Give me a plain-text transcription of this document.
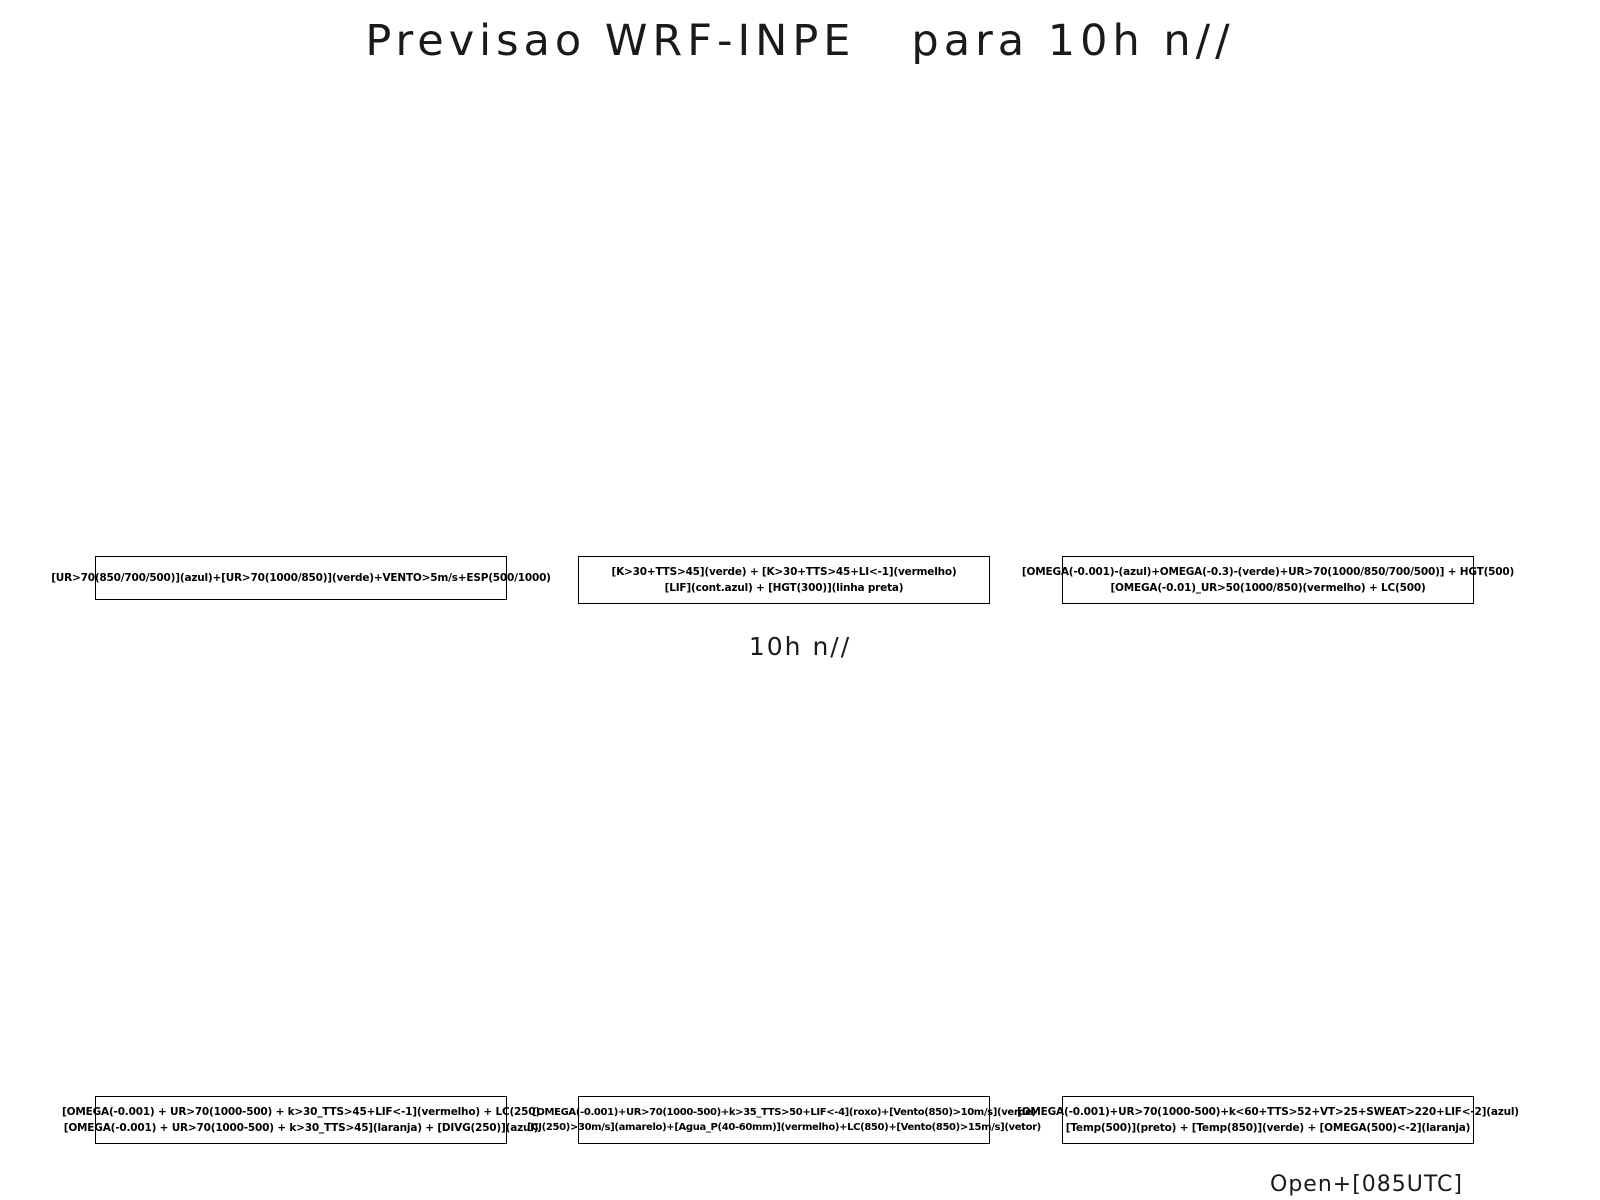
Previsao WRF-INPE   para 10h n//
[UR>70(850/700/500)](azul)+[UR>70(1000/850)](verde)+VENTO>5m/s+ESP(500/1000)
[K>30+TTS>45](verde) + [K>30+TTS>45+LI<-1](vermelho)
[LIF](cont.azul) + [HGT(300)](linha preta)
[OMEGA(-0.001)-(azul)+OMEGA(-0.3)-(verde)+UR>70(1000/850/700/500)] + HGT(500)
[OMEGA(-0.01)_UR>50(1000/850)(vermelho) + LC(500)
10h n//
[OMEGA(-0.001) + UR>70(1000-500) + k>30_TTS>45+LIF<-1](vermelho) + LC(250)
[OMEGA(-0.001) + UR>70(1000-500) + k>30_TTS>45](laranja) + [DIVG(250)](azul)
[OMEGA(-0.001)+UR>70(1000-500)+k>35_TTS>50+LIF<-4](roxo)+[Vento(850)>10m/s](verde)
[CJ(250)>30m/s](amarelo)+[Agua_P(40-60mm)](vermelho)+LC(850)+[Vento(850)>15m/s](vetor)
[OMEGA(-0.001)+UR>70(1000-500)+k<60+TTS>52+VT>25+SWEAT>220+LIF<-2](azul)
[Temp(500)](preto) + [Temp(850)](verde) + [OMEGA(500)<-2](laranja)
Open+[085UTC]
